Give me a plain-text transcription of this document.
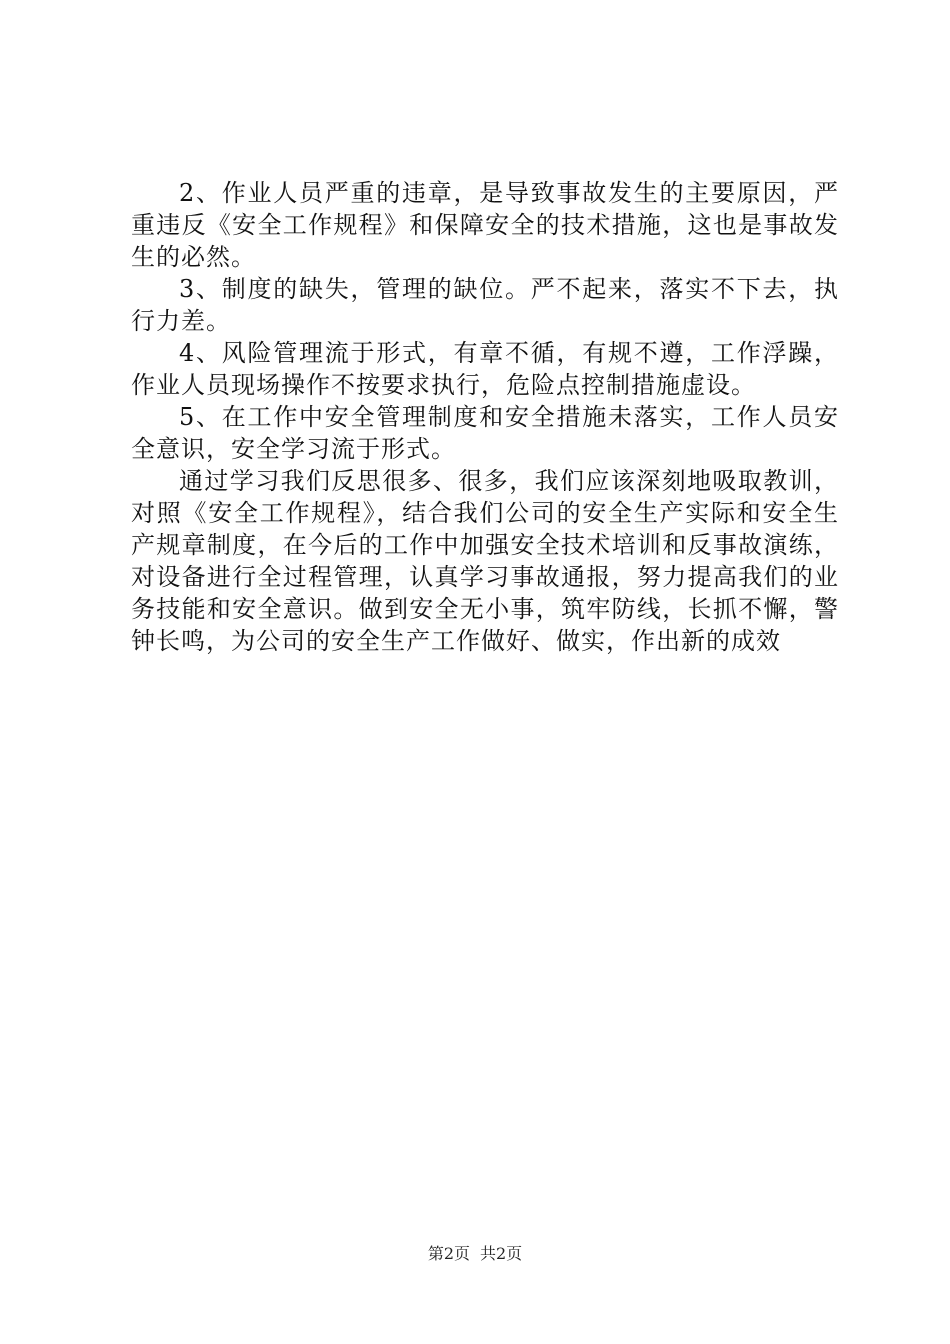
2、作业人员严重的违章，是导致事故发生的主要原因，严重违反《安全工作规程》和保障安全的技术措施，这也是事故发生的必然。

3、制度的缺失，管理的缺位。严不起来，落实不下去，执行力差。

4、风险管理流于形式，有章不循，有规不遵，工作浮躁，作业人员现场操作不按要求执行，危险点控制措施虚设。

5、在工作中安全管理制度和安全措施未落实，工作人员安全意识，安全学习流于形式。

通过学习我们反思很多、很多，我们应该深刻地吸取教训，对照《安全工作规程》，结合我们公司的安全生产实际和安全生产规章制度，在今后的工作中加强安全技术培训和反事故演练，对设备进行全过程管理，认真学习事故通报，努力提高我们的业务技能和安全意识。做到安全无小事，筑牢防线，长抓不懈，警钟长鸣，为公司的安全生产工作做好、做实，作出新的成效

第2页 共2页
